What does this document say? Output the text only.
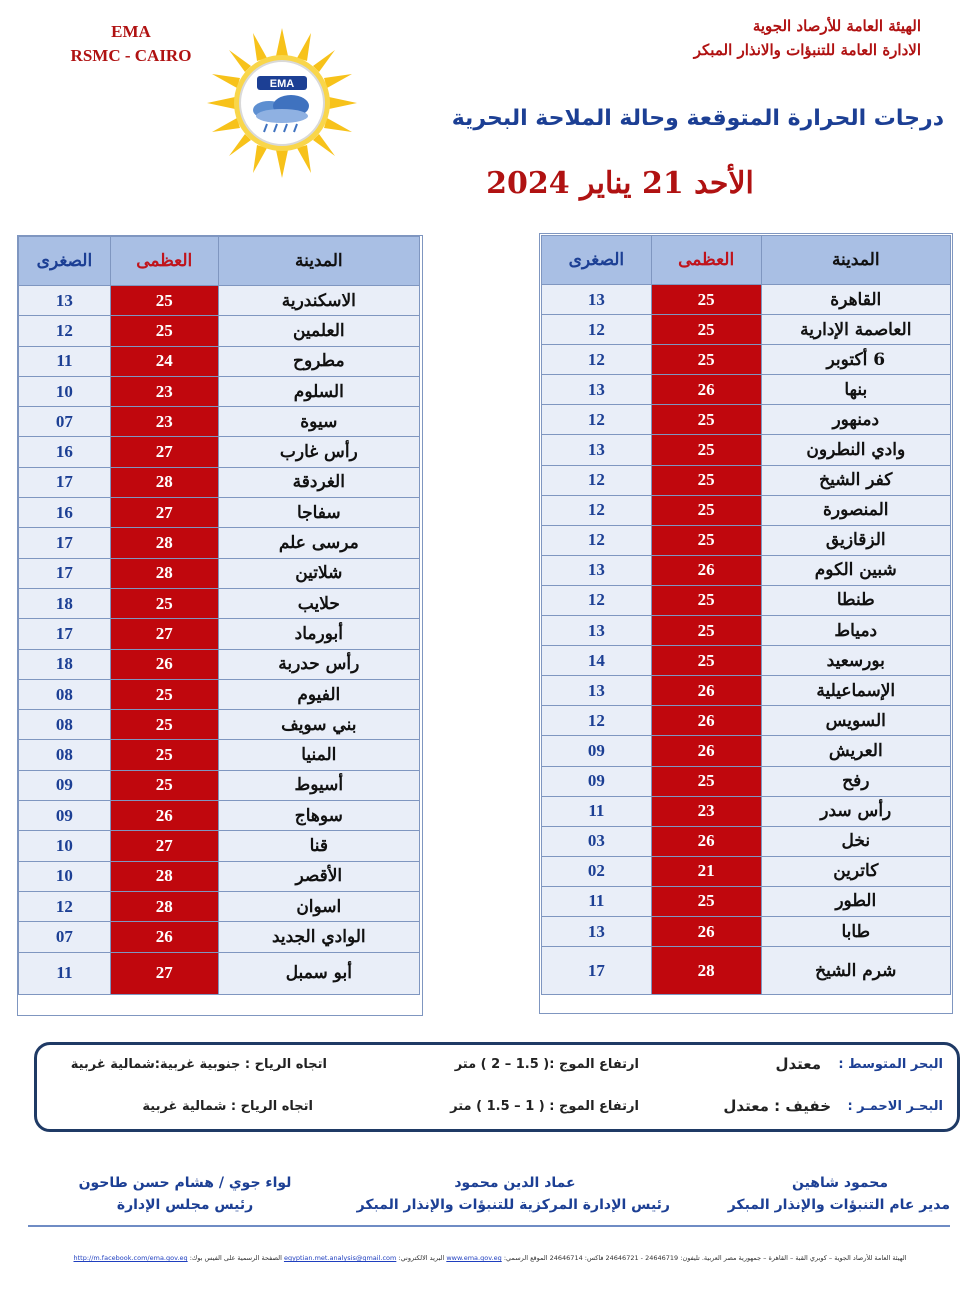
EMA
RSMC - CAIRO
الهيئة العامة للأرصاد الجوية
الادارة العامة للتنبؤات والانذار المبكر
EMA
درجات الحرارة المتوقعة وحالة الملاحة البحرية
الأحد 21 يناير 2024
المدينة	العظمى	الصغرى
القاهرة	25	13
العاصمة الإدارية	25	12
6 أكتوبر	25	12
بنها	26	13
دمنهور	25	12
وادي النطرون	25	13
كفر الشيخ	25	12
المنصورة	25	12
الزقازيق	25	12
شبين الكوم	26	13
طنطا	25	12
دمياط	25	13
بورسعيد	25	14
الإسماعيلية	26	13
السويس	26	12
العريش	26	09
رفح	25	09
رأس سدر	23	11
نخل	26	03
كاترين	21	02
الطور	25	11
طابا	26	13
شرم الشيخ	28	17
المدينة	العظمى	الصغرى
الاسكندرية	25	13
العلمين	25	12
مطروح	24	11
السلوم	23	10
سيوة	23	07
رأس غارب	27	16
الغردقة	28	17
سفاجا	27	16
مرسى علم	28	17
شلاتين	28	17
حلايب	25	18
أبورماد	27	17
رأس حدربة	26	18
الفيوم	25	08
بني سويف	25	08
المنيا	25	08
أسيوط	25	09
سوهاج	26	09
قنا	27	10
الأقصر	28	10
اسوان	28	12
الوادي الجديد	26	07
أبو سمبل	27	11
البحر المتوسط :
معتدل
ارتفاع الموج :( 1.5 – 2 ) متر
اتجاه الرياح : جنوبية غربية:شمالية غربية
البحـر الاحمـر :
خفيف : معتدل
ارتفاع الموج : ( 1 – 1.5 ) متر
اتجاه الرياح : شمالية غربية
محمود شاهين
مدير عام التنبؤات والإنذار المبكر
عماد الدين محمود
رئيس الإدارة المركزية للتنبؤات والإنذار المبكر
لواء جوي / هشام حسن طاحون
رئيس مجلس الإدارة
الهيئة العامة للأرصاد الجوية – كوبري القبة – القاهرة – جمهورية مصر العربية. تليفون: 24646719 - 24646721 فاكس: 24646714 الموقع الرسمي: www.ema.gov.eg البريد الالكتروني: egyptian.met.analysis@gmail.com الصفحة الرسمية على الفيس بوك: http://m.facebook.com/ema.gov.eg
